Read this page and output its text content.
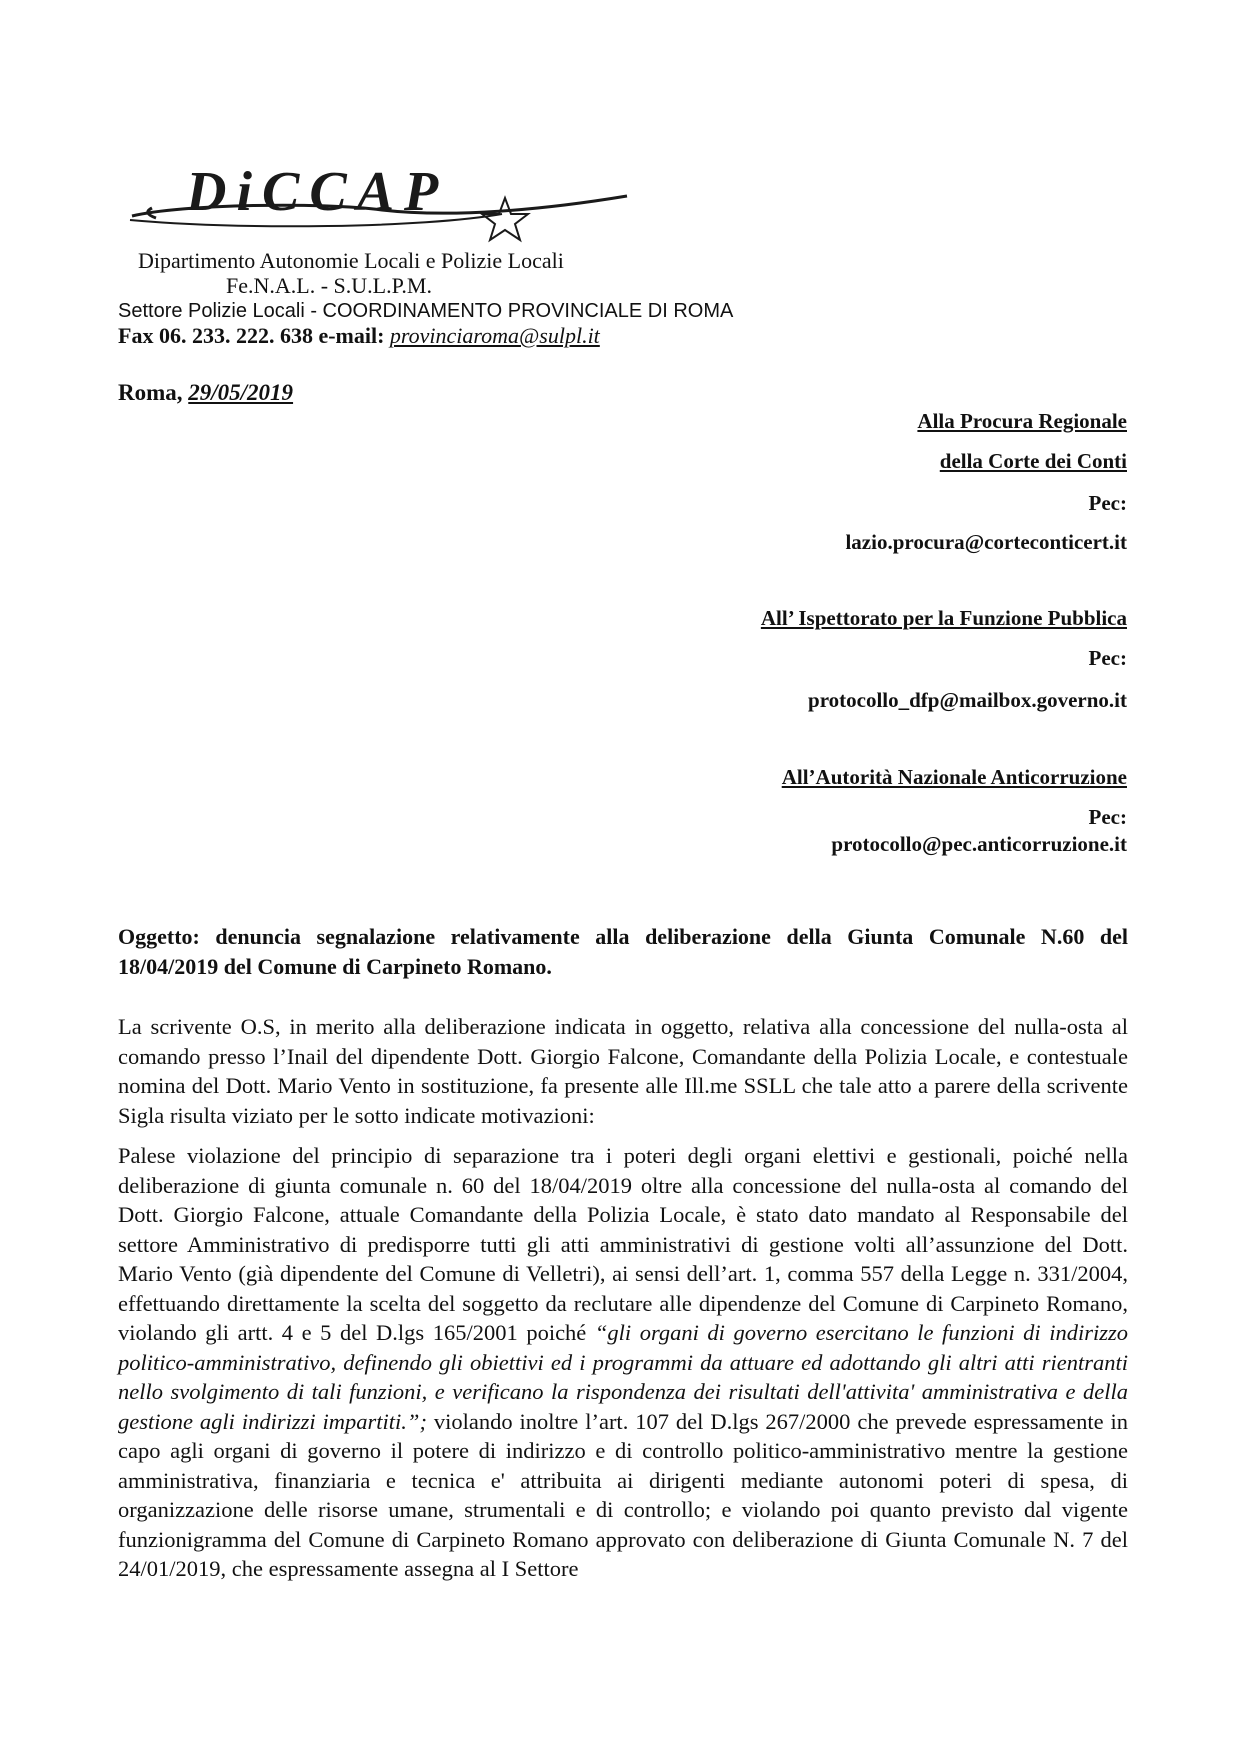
DiCCAP
Dipartimento Autonomie Locali e Polizie Locali
Fe.N.A.L. - S.U.L.P.M.
Settore Polizie Locali - COORDINAMENTO PROVINCIALE DI ROMA
Fax 06. 233. 222. 638 e-mail: provinciaroma@sulpl.it
Roma, 29/05/2019
Alla Procura Regionale
della Corte dei Conti
Pec:
lazio.procura@corteconticert.it
All’ Ispettorato per la Funzione Pubblica
Pec:
protocollo_dfp@mailbox.governo.it
All’Autorità Nazionale Anticorruzione
Pec:
protocollo@pec.anticorruzione.it
Oggetto: denuncia segnalazione relativamente alla deliberazione della Giunta Comunale N.60 del 18/04/2019 del Comune di Carpineto Romano.

La scrivente O.S, in merito alla deliberazione indicata in oggetto, relativa alla concessione del nulla-osta al comando presso l’Inail del dipendente Dott. Giorgio Falcone, Comandante della Polizia Locale, e contestuale nomina del Dott. Mario Vento in sostituzione, fa presente alle Ill.me SSLL che tale atto a parere della scrivente Sigla risulta viziato per le sotto indicate motivazioni:

Palese violazione del principio di separazione tra i poteri degli organi elettivi e gestionali, poiché nella deliberazione di giunta comunale n. 60 del 18/04/2019 oltre alla concessione del nulla-osta al comando del Dott. Giorgio Falcone, attuale Comandante della Polizia Locale, è stato dato mandato al Responsabile del settore Amministrativo di predisporre tutti gli atti amministrativi di gestione volti all’assunzione del Dott. Mario Vento (già dipendente del Comune di Velletri), ai sensi dell’art. 1, comma 557 della Legge n. 331/2004, effettuando direttamente la scelta del soggetto da reclutare alle dipendenze del Comune di Carpineto Romano, violando gli artt. 4 e 5 del D.lgs 165/2001 poiché “gli organi di governo esercitano le funzioni di indirizzo politico-amministrativo, definendo gli obiettivi ed i programmi da attuare ed adottando gli altri atti rientranti nello svolgimento di tali funzioni, e verificano la rispondenza dei risultati dell'attivita' amministrativa e della gestione agli indirizzi impartiti.”; violando inoltre l’art. 107 del D.lgs 267/2000 che prevede espressamente in capo agli organi di governo il potere di indirizzo e di controllo politico-amministrativo mentre la gestione amministrativa, finanziaria e tecnica e' attribuita ai dirigenti mediante autonomi poteri di spesa, di organizzazione delle risorse umane, strumentali e di controllo; e violando poi quanto previsto dal vigente funzionigramma del Comune di Carpineto Romano approvato con deliberazione di Giunta Comunale N. 7 del 24/01/2019, che espressamente assegna al I Settore
